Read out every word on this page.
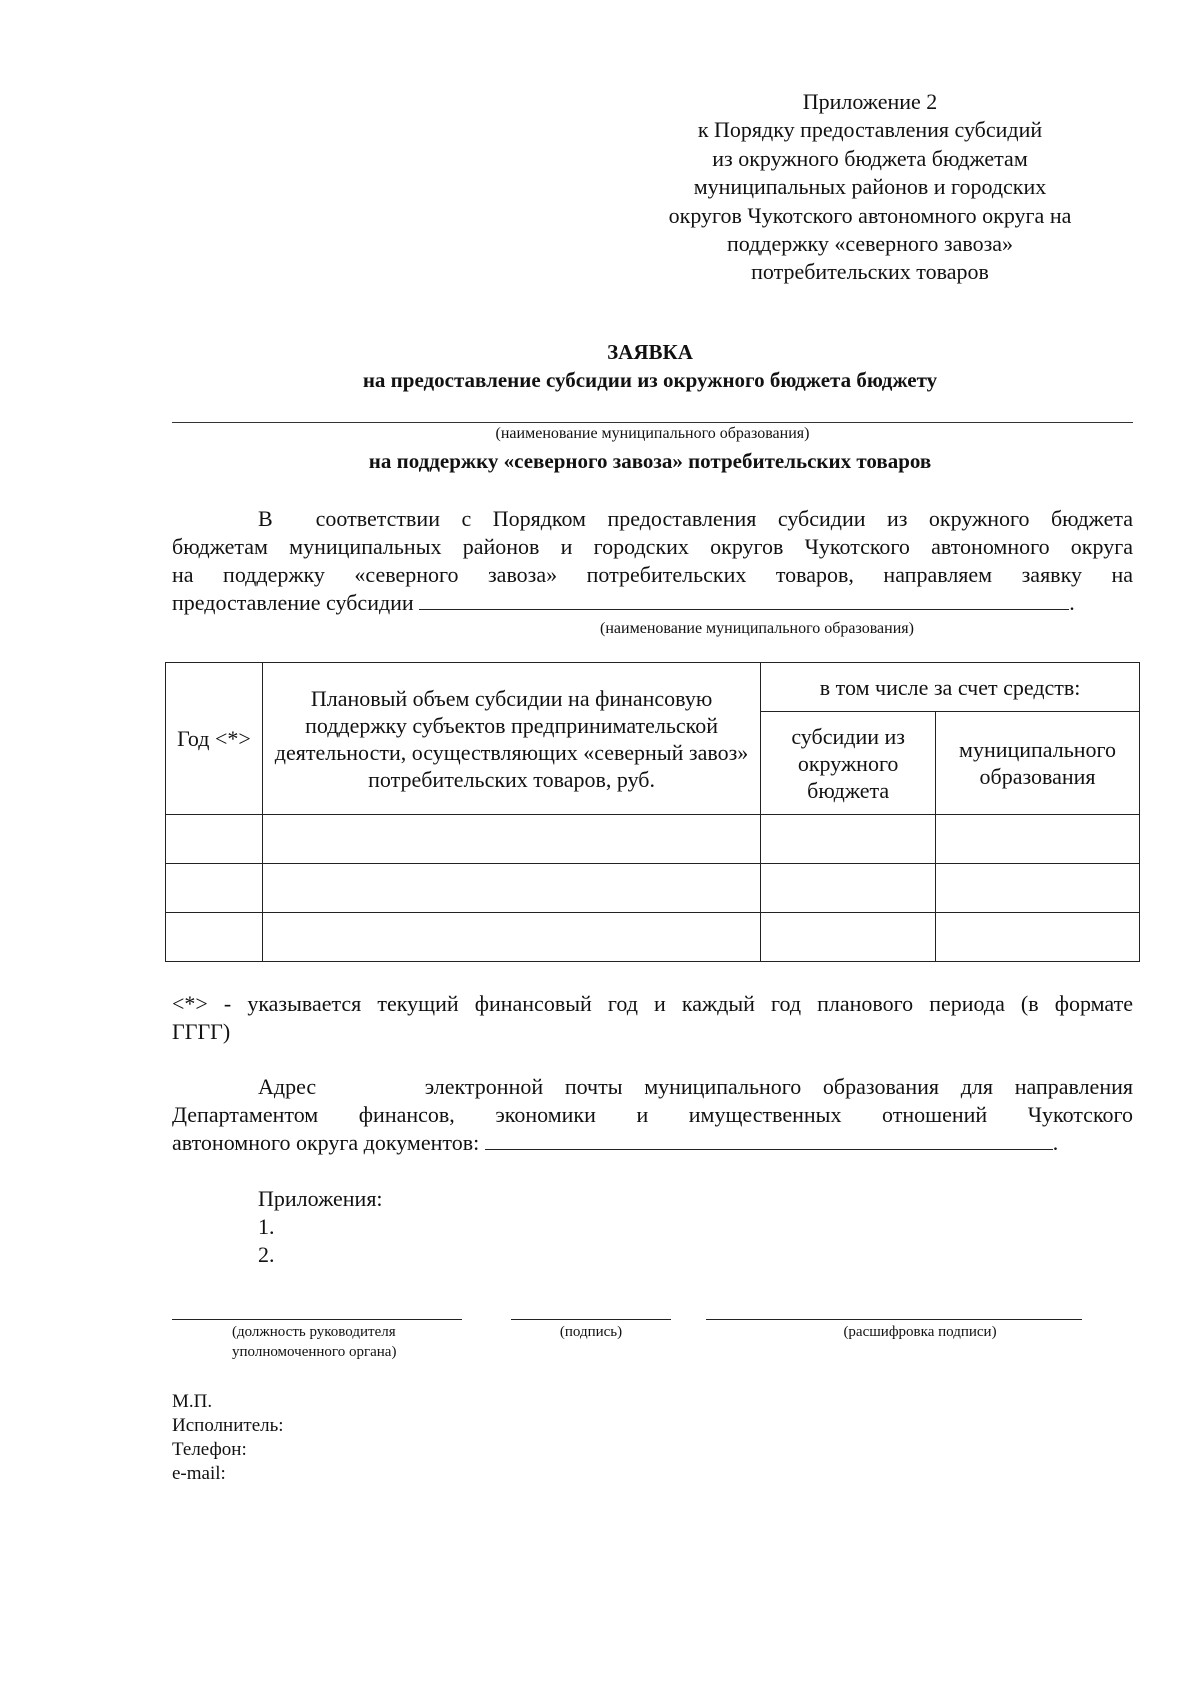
Приложение 2
к Порядку предоставления субсидий
из окружного бюджета бюджетам
муниципальных районов и городских
округов Чукотского автономного округа на
поддержку «северного завоза»
потребительских товаров
ЗАЯВКА
на предоставление субсидии из окружного бюджета бюджету
(наименование муниципального образования)
на поддержку «северного завоза» потребительских товаров
В соответствии с Порядком предоставления субсидии из окружного бюджета
бюджетам муниципальных районов и городских округов Чукотского автономного округа
на поддержку «северного завоза» потребительских товаров, направляем заявку на
предоставление субсидии	.
(наименование муниципального образования)
Год <*>	Плановый объем субсидии на финансовую поддержку субъектов предпринимательской деятельности, осуществляющих «северный завоз» потребительских товаров, руб.	в том числе за счет средств:	
		субсидии из окружного бюджета	муниципального образования

<*> - указывается текущий финансовый год и каждый год планового периода (в формате
ГГГГ)
Адрес	электронной почты муниципального образования для направления
Департаментом финансов, экономики и имущественных отношений Чукотского
автономного округа документов:	.
Приложения:
1.
2.
(должность руководителя
уполномоченного органа)
(подпись)	(расшифровка подписи)
М.П.
Исполнитель:
Телефон:
e-mail:
